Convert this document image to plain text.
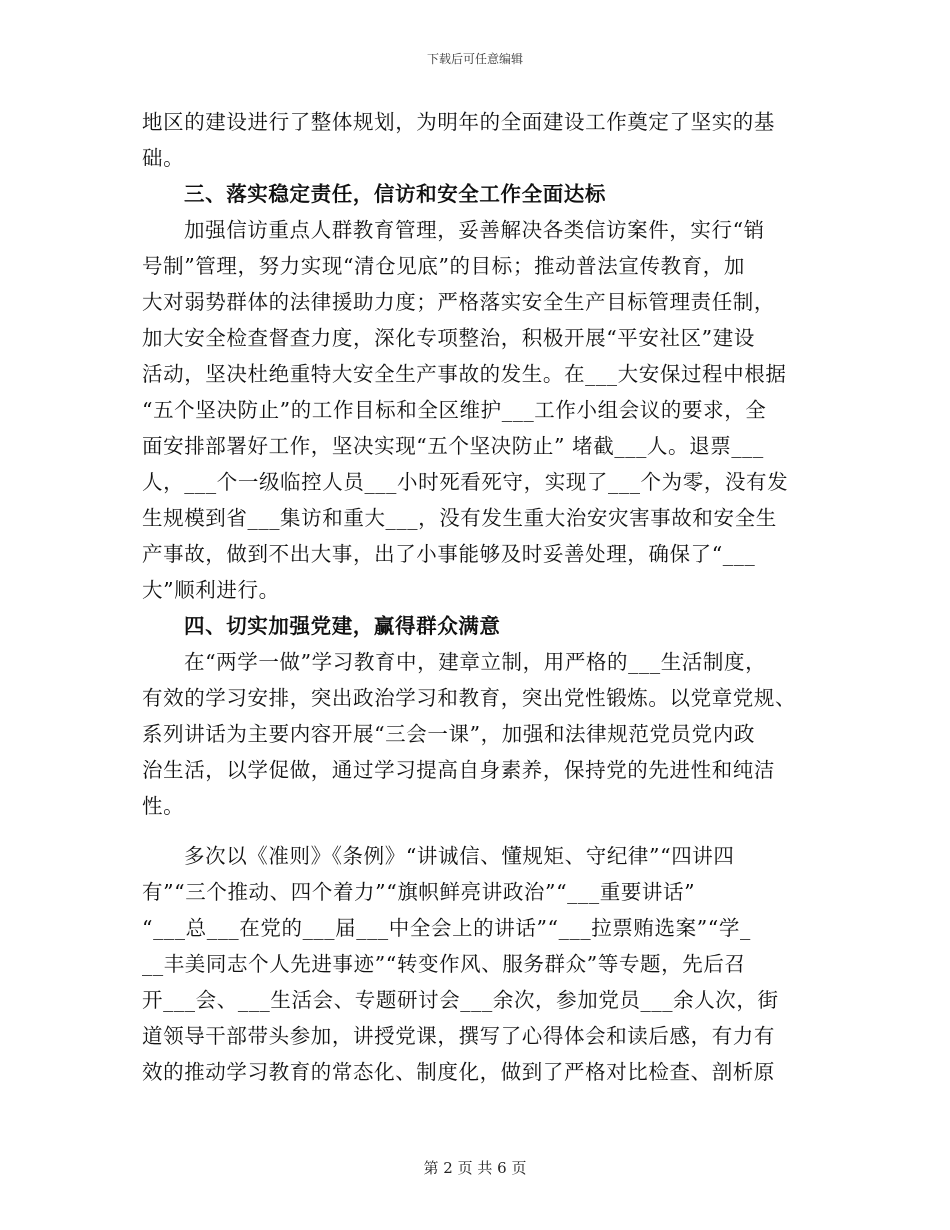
下载后可任意编辑
地区的建设进行了整体规划，为明年的全面建设工作奠定了坚实的基
础。
三、落实稳定责任，信访和安全工作全面达标
加强信访重点人群教育管理，妥善解决各类信访案件，实行“销
号制”管理，努力实现“清仓见底”的目标；推动普法宣传教育，加
大对弱势群体的法律援助力度；严格落实安全生产目标管理责任制，
加大安全检查督查力度，深化专项整治，积极开展“平安社区”建设
活动，坚决杜绝重特大安全生产事故的发生。在___大安保过程中根据
“五个坚决防止”的工作目标和全区维护___工作小组会议的要求，全
面安排部署好工作，坚决实现“五个坚决防止” 堵截___人。退票___
人，___个一级临控人员___小时死看死守，实现了___个为零，没有发
生规模到省___集访和重大___，没有发生重大治安灾害事故和安全生
产事故，做到不出大事，出了小事能够及时妥善处理，确保了“___
大”顺利进行。
四、切实加强党建，赢得群众满意
在“两学一做”学习教育中，建章立制，用严格的___生活制度，
有效的学习安排，突出政治学习和教育，突出党性锻炼。以党章党规、
系列讲话为主要内容开展“三会一课”，加强和法律规范党员党内政
治生活，以学促做，通过学习提高自身素养，保持党的先进性和纯洁
性。
多次以《准则》《条例》“讲诚信、懂规矩、守纪律”“四讲四
有”“三个推动、四个着力”“旗帜鲜亮讲政治”“___重要讲话”
“___总___在党的___届___中全会上的讲话”“___拉票贿选案”“学_
__丰美同志个人先进事迹”“转变作风、服务群众”等专题，先后召
开___会、___生活会、专题研讨会___余次，参加党员___余人次，街
道领导干部带头参加，讲授党课，撰写了心得体会和读后感，有力有
效的推动学习教育的常态化、制度化，做到了严格对比检查、剖析原
第 2 页 共 6 页
